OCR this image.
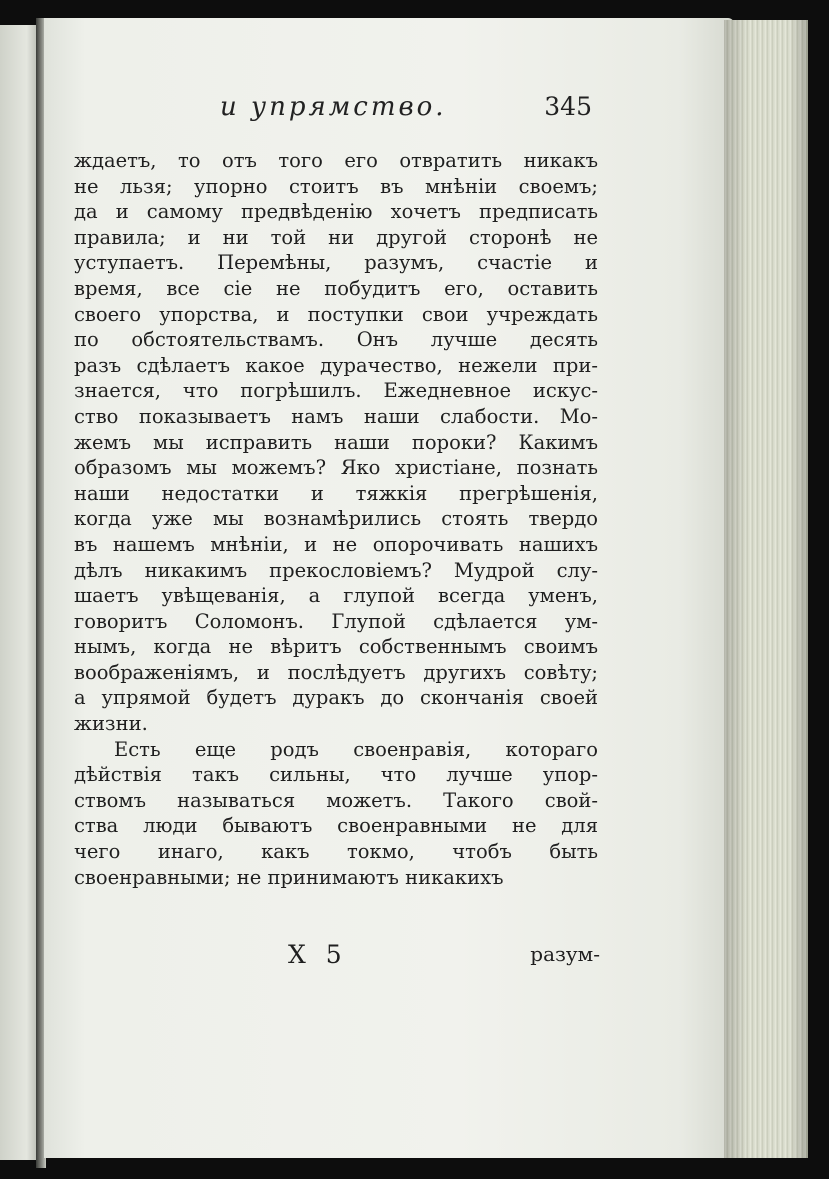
и упрямство.	345
ждаетъ, то отъ того его отвратить никакъ
не льзя; упорно стоитъ въ мнѣніи своемъ;
да и самому предвѣденію хочетъ предписать
правила; и ни той ни другой сторонѣ не
уступаетъ. Перемѣны, разумъ, счастіе и
время, все сіе не побудитъ его, оставить
своего упорства, и поступки свои учреждать
по обстоятельствамъ. Онъ лучше десять
разъ сдѣлаетъ какое дурачество, нежели при-
знается, что погрѣшилъ. Ежедневное искус-
ство показываетъ намъ наши слабости. Мо-
жемъ мы исправить наши пороки? Какимъ
образомъ мы можемъ? Яко христіане, познать
наши недостатки и тяжкія прегрѣшенія,
когда уже мы вознамѣрились стоять твердо
въ нашемъ мнѣніи, и не опорочивать нашихъ
дѣлъ никакимъ прекословіемъ? Мудрой слу-
шаетъ увѣщеванія, а глупой всегда уменъ,
говоритъ Соломонъ. Глупой сдѣлается ум-
нымъ, когда не вѣритъ собственнымъ своимъ
воображеніямъ, и послѣдуетъ другихъ совѣту;
а упрямой будетъ дуракъ до скончанія своей
жизни.
Есть еще родъ своенравія, котораго
дѣйствія такъ сильны, что лучше упор-
ствомъ называться можетъ. Такого свой-
ства люди бываютъ своенравными не для
чего инаго, какъ токмо, чтобъ быть
своенравными; не принимаютъ никакихъ
X 5	разум-
